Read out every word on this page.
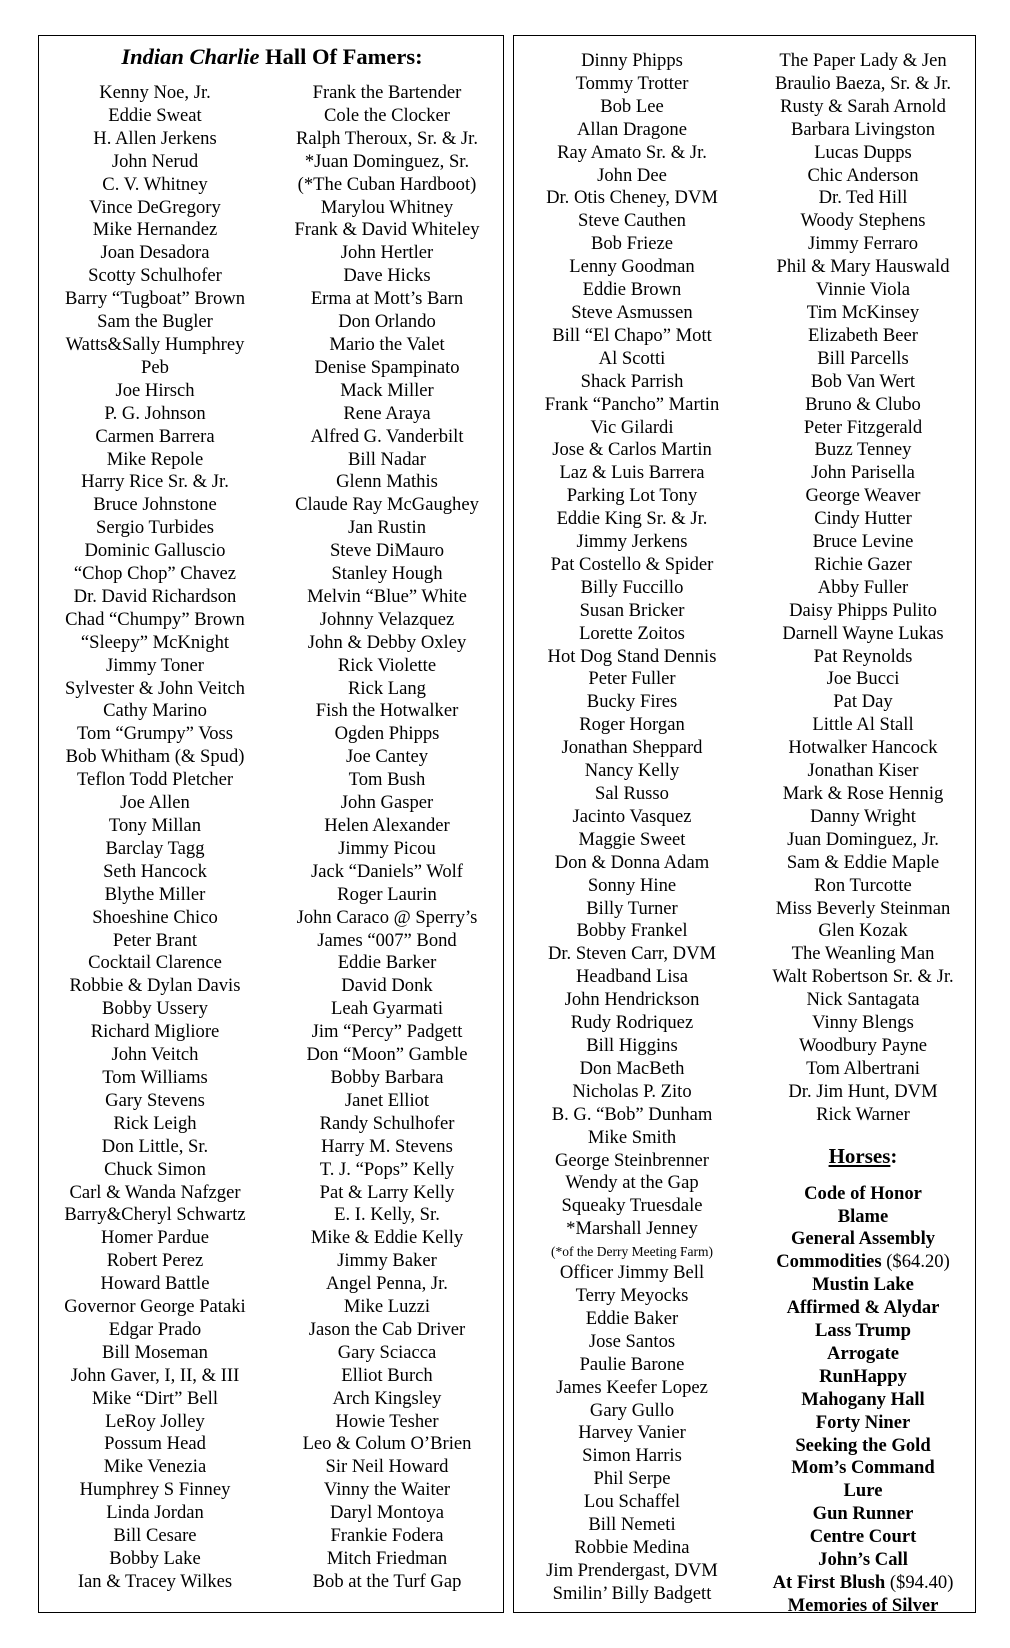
Indian Charlie Hall Of Famers:
Kenny Noe, Jr.
Eddie Sweat
H. Allen Jerkens
John Nerud
C. V. Whitney
Vince DeGregory
Mike Hernandez
Joan Desadora
Scotty Schulhofer
Barry “Tugboat” Brown
Sam the Bugler
Watts&Sally Humphrey
Peb
Joe Hirsch
P. G. Johnson
Carmen Barrera
Mike Repole
Harry Rice Sr. & Jr.
Bruce Johnstone
Sergio Turbides
Dominic Galluscio
“Chop Chop” Chavez
Dr. David Richardson
Chad “Chumpy” Brown
“Sleepy” McKnight
Jimmy Toner
Sylvester & John Veitch
Cathy Marino
Tom “Grumpy” Voss
Bob Whitham (& Spud)
Teflon Todd Pletcher
Joe Allen
Tony Millan
Barclay Tagg
Seth Hancock
Blythe Miller
Shoeshine Chico
Peter Brant
Cocktail Clarence
Robbie & Dylan Davis
Bobby Ussery
Richard Migliore
John Veitch
Tom Williams
Gary Stevens
Rick Leigh
Don Little, Sr.
Chuck Simon
Carl & Wanda Nafzger
Barry&Cheryl Schwartz
Homer Pardue
Robert Perez
Howard Battle
Governor George Pataki
Edgar Prado
Bill Moseman
John Gaver, I, II, & III
Mike “Dirt” Bell
LeRoy Jolley
Possum Head
Mike Venezia
Humphrey S Finney
Linda Jordan
Bill Cesare
Bobby Lake
Ian & Tracey Wilkes
Frank the Bartender
Cole the Clocker
Ralph Theroux, Sr. & Jr.
*Juan Dominguez, Sr.
(*The Cuban Hardboot)
Marylou Whitney
Frank & David Whiteley
John Hertler
Dave Hicks
Erma at Mott’s Barn
Don Orlando
Mario the Valet
Denise Spampinato
Mack Miller
Rene Araya
Alfred G. Vanderbilt
Bill Nadar
Glenn Mathis
Claude Ray McGaughey
Jan Rustin
Steve DiMauro
Stanley Hough
Melvin “Blue” White
Johnny Velazquez
John & Debby Oxley
Rick Violette
Rick Lang
Fish the Hotwalker
Ogden Phipps
Joe Cantey
Tom Bush
John Gasper
Helen Alexander
Jimmy Picou
Jack “Daniels” Wolf
Roger Laurin
John Caraco @ Sperry’s
James “007” Bond
Eddie Barker
David Donk
Leah Gyarmati
Jim “Percy” Padgett
Don “Moon” Gamble
Bobby Barbara
Janet Elliot
Randy Schulhofer
Harry M. Stevens
T. J. “Pops” Kelly
Pat & Larry Kelly
E. I. Kelly, Sr.
Mike & Eddie Kelly
Jimmy Baker
Angel Penna, Jr.
Mike Luzzi
Jason the Cab Driver
Gary Sciacca
Elliot Burch
Arch Kingsley
Howie Tesher
Leo & Colum O’Brien
Sir Neil Howard
Vinny the Waiter
Daryl Montoya
Frankie Fodera
Mitch Friedman
Bob at the Turf Gap
Dinny Phipps
Tommy Trotter
Bob Lee
Allan Dragone
Ray Amato Sr. & Jr.
John Dee
Dr. Otis Cheney, DVM
Steve Cauthen
Bob Frieze
Lenny Goodman
Eddie Brown
Steve Asmussen
Bill “El Chapo” Mott
Al Scotti
Shack Parrish
Frank “Pancho” Martin
Vic Gilardi
Jose & Carlos Martin
Laz & Luis Barrera
Parking Lot Tony
Eddie King Sr. & Jr.
Jimmy Jerkens
Pat Costello & Spider
Billy Fuccillo
Susan Bricker
Lorette Zoitos
Hot Dog Stand Dennis
Peter Fuller
Bucky Fires
Roger Horgan
Jonathan Sheppard
Nancy Kelly
Sal Russo
Jacinto Vasquez
Maggie Sweet
Don & Donna Adam
Sonny Hine
Billy Turner
Bobby Frankel
Dr. Steven Carr, DVM
Headband Lisa
John Hendrickson
Rudy Rodriquez
Bill Higgins
Don MacBeth
Nicholas P. Zito
B. G. “Bob” Dunham
Mike Smith
George Steinbrenner
Wendy at the Gap
Squeaky Truesdale
*Marshall Jenney
(*of the Derry Meeting Farm)
Officer Jimmy Bell
Terry Meyocks
Eddie Baker
Jose Santos
Paulie Barone
James Keefer Lopez
Gary Gullo
Harvey Vanier
Simon Harris
Phil Serpe
Lou Schaffel
Bill Nemeti
Robbie Medina
Jim Prendergast, DVM
Smilin’ Billy Badgett
The Paper Lady & Jen
Braulio Baeza, Sr. & Jr.
Rusty & Sarah Arnold
Barbara Livingston
Lucas Dupps
Chic Anderson
Dr. Ted Hill
Woody Stephens
Jimmy Ferraro
Phil & Mary Hauswald
Vinnie Viola
Tim McKinsey
Elizabeth Beer
Bill Parcells
Bob Van Wert
Bruno & Clubo
Peter Fitzgerald
Buzz Tenney
John Parisella
George Weaver
Cindy Hutter
Bruce Levine
Richie Gazer
Abby Fuller
Daisy Phipps Pulito
Darnell Wayne Lukas
Pat Reynolds
Joe Bucci
Pat Day
Little Al Stall
Hotwalker Hancock
Jonathan Kiser
Mark & Rose Hennig
Danny Wright
Juan Dominguez, Jr.
Sam & Eddie Maple
Ron Turcotte
Miss Beverly Steinman
Glen Kozak
The Weanling Man
Walt Robertson Sr. & Jr.
Nick Santagata
Vinny Blengs
Woodbury Payne
Tom Albertrani
Dr. Jim Hunt, DVM
Rick Warner
Horses:
Code of Honor
Blame
General Assembly
Commodities ($64.20)
Mustin Lake
Affirmed & Alydar
Lass Trump
Arrogate
RunHappy
Mahogany Hall
Forty Niner
Seeking the Gold
Mom’s Command
Lure
Gun Runner
Centre Court
John’s Call
At First Blush ($94.40)
Memories of Silver
